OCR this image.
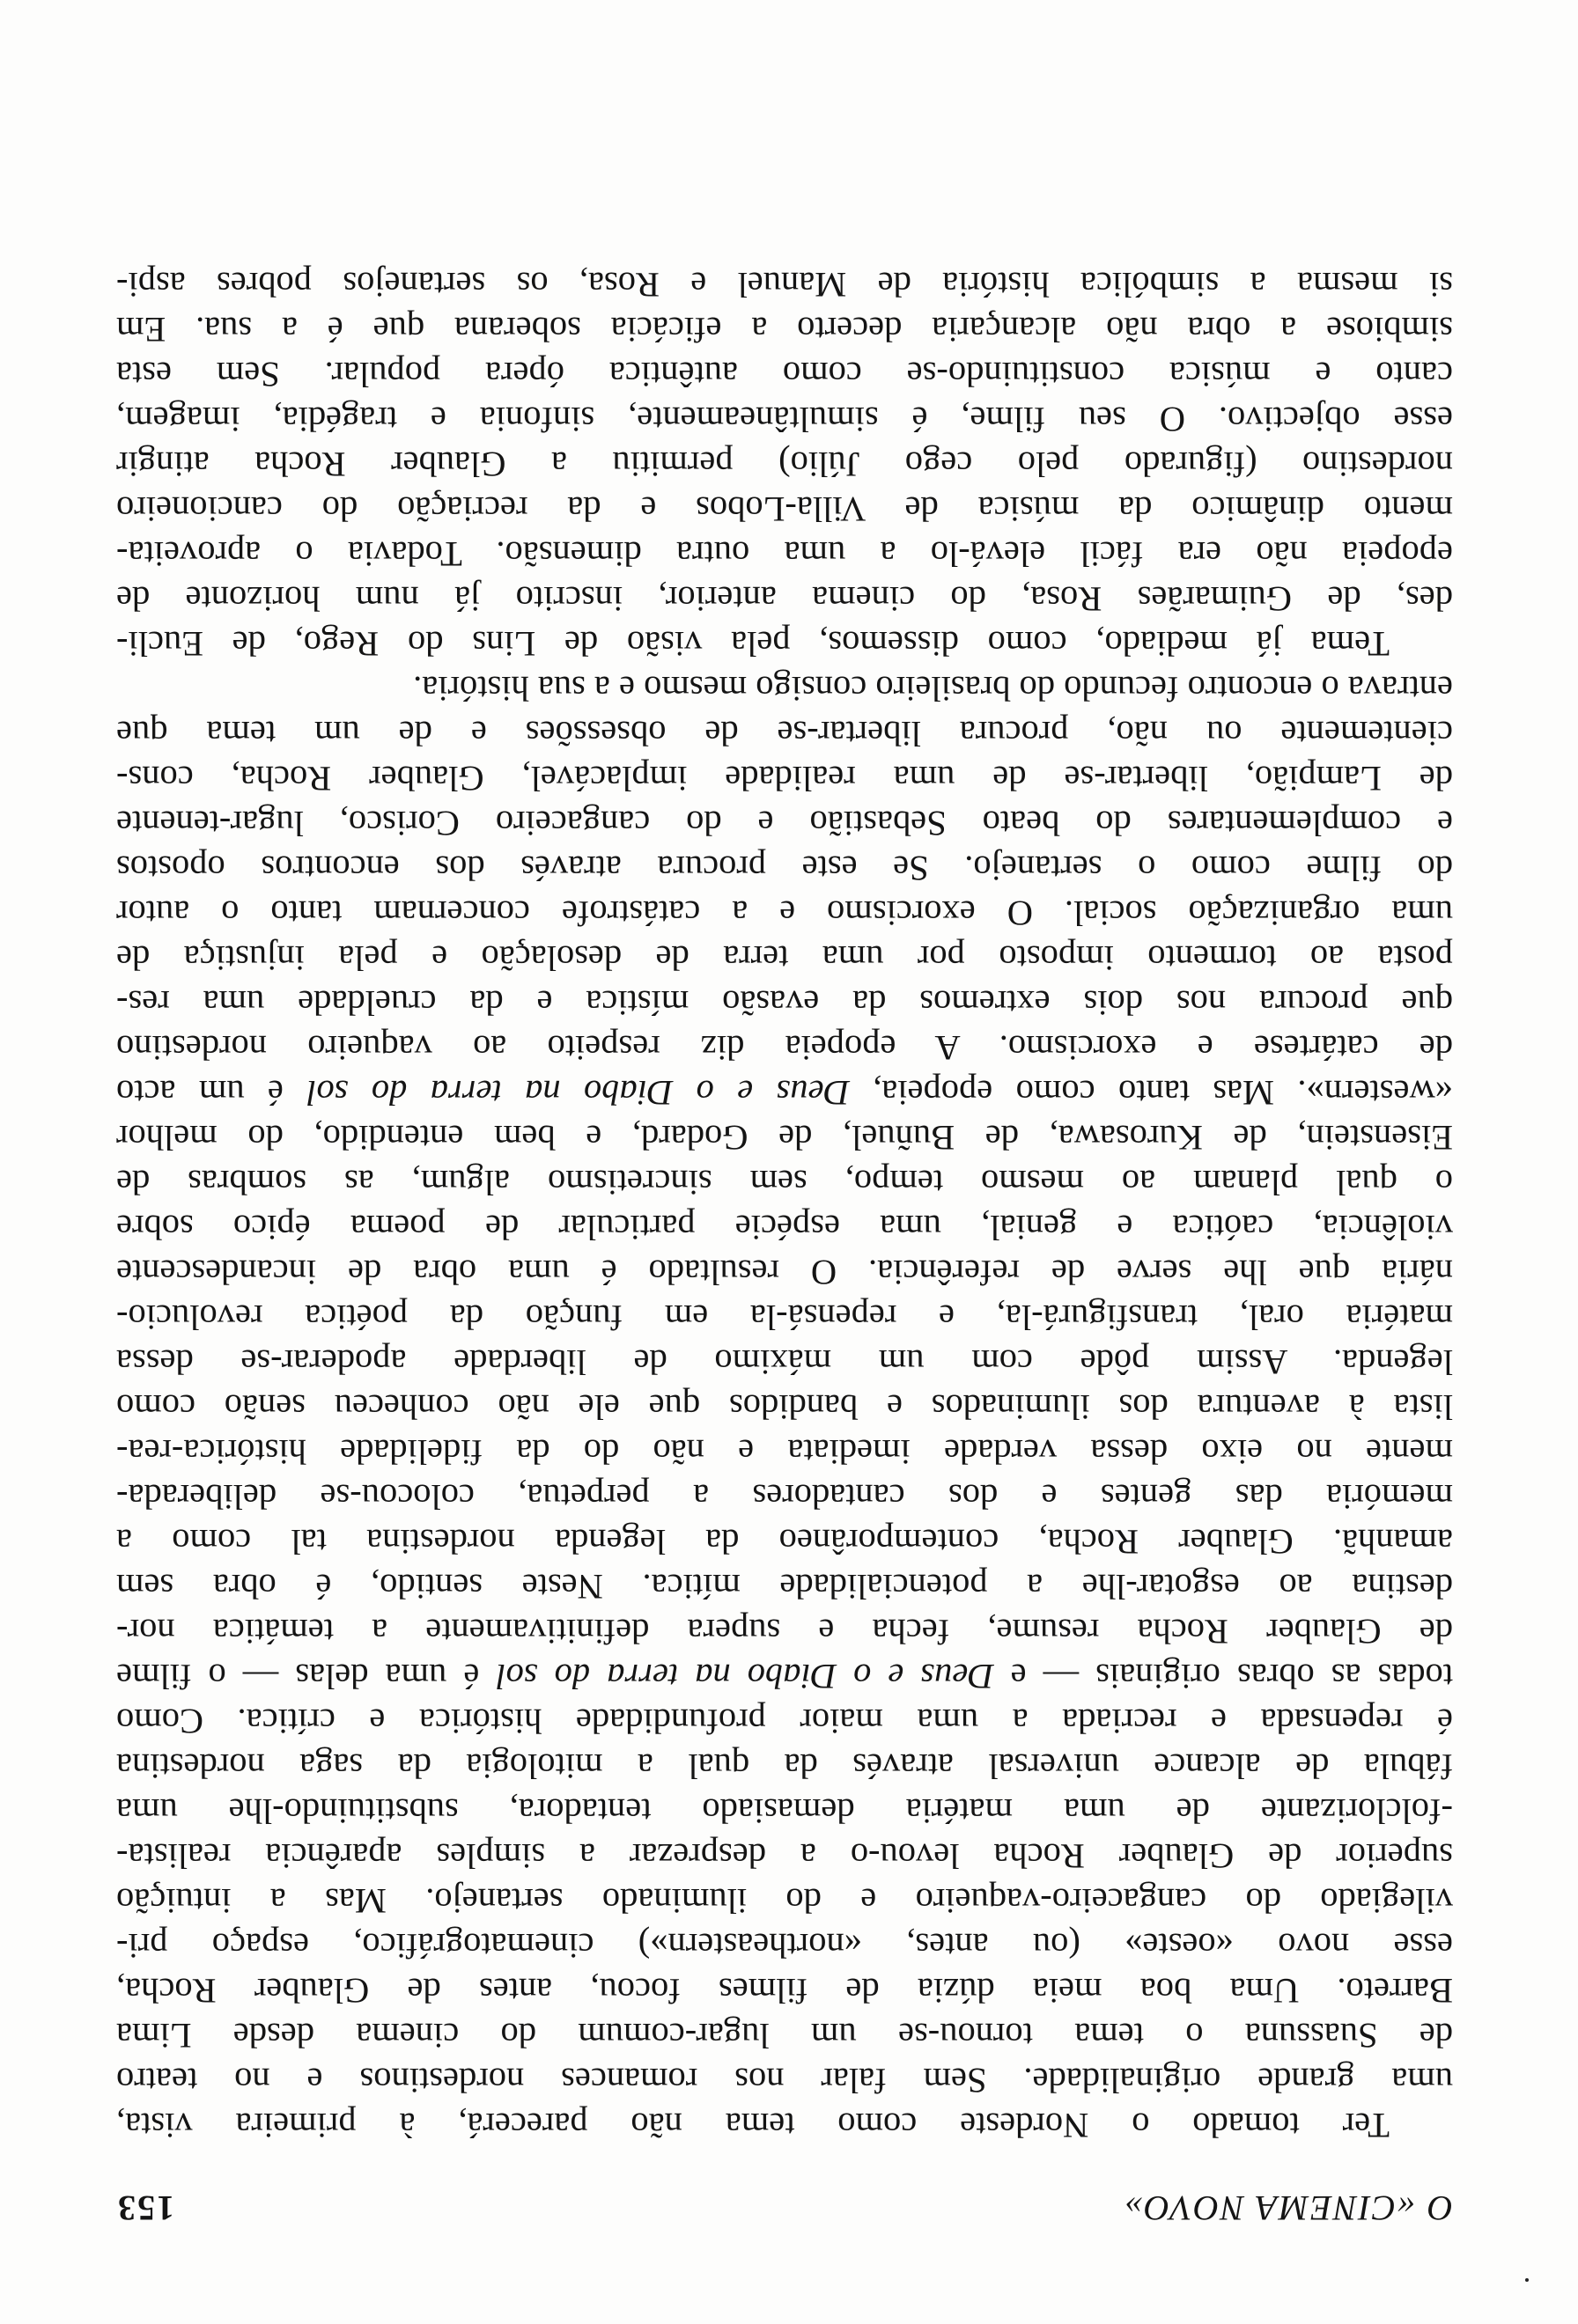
O «CINEMA NOVO»
153
Ter tomado o Nordeste como tema não parecerá, à primeira vista,
uma grande originalidade. Sem falar nos romances nordestinos e no teatro
de Suassuna o tema tornou-se um lugar-comum do cinema desde Lima
Barreto. Uma boa meia dúzia de filmes focou, antes de Glauber Rocha,
esse novo «oeste» (ou antes, «northeastern») cinematográfico, espaço pri-
vilegiado do cangaceiro-vaqueiro e do iluminado sertanejo. Mas a intuição
superior de Glauber Rocha levou-o a desprezar a simples aparência realista-
-folclorizante de uma matéria demasiado tentadora, substituindo-lhe uma
fábula de alcance universal através da qual a mitologia da saga nordestina
é repensada e recriada a uma maior profundidade histórica e crítica. Como
todas as obras originais — e Deus e o Diabo na terra do sol é uma delas — o filme
de Glauber Rocha resume, fecha e supera definitivamente a temática nor-
destina ao esgotar-lhe a potencialidade mítica. Neste sentido, é obra sem
amanhã. Glauber Rocha, contemporâneo da legenda nordestina tal como a
memória das gentes e dos cantadores a perpetua, colocou-se deliberada-
mente no eixo dessa verdade imediata e não do da fidelidade histórica-rea-
lista à aventura dos iluminados e bandidos que ele não conheceu senão como
legenda. Assim pôde com um máximo de liberdade apoderar-se dessa
matéria oral, transfigurá-la, e repensá-la em função da poética revolucio-
nária que lhe serve de referência. O resultado é uma obra de incandescente
violência, caótica e genial, uma espécie particular de poema épico sobre
o qual planam ao mesmo tempo, sem sincretismo algum, as sombras de
Eisenstein, de Kurosawa, de Buñuel, de Godard, e bem entendido, do melhor
«western». Mas tanto como epopeia, Deus e o Diabo na terra do sol é um acto
de catártese e exorcismo. A epopeia diz respeito ao vaqueiro nordestino
que procura nos dois extremos da evasão mística e da crueldade uma res-
posta ao tormento imposto por uma terra de desolação e pela injustiça de
uma organização social. O exorcismo e a catástrofe concernam tanto o autor
do filme como o sertanejo. Se este procura através dos encontros opostos
e complementares do beato Sebastião e do cangaceiro Corisco, lugar-tenente
de Lampião, libertar-se de uma realidade implacável, Glauber Rocha, cons-
cientemente ou não, procura libertar-se de obsessões e de um tema que
entrava o encontro fecundo do brasileiro consigo mesmo e a sua história.
Tema já mediado, como dissemos, pela visão de Lins do Rego, de Eucli-
des, de Guimarães Rosa, do cinema anterior, inscrito já num horizonte de
epopeia não era fácil elevá-lo a uma outra dimensão. Todavia o aproveita-
mento dinâmico da música de Villa-Lobos e da recriação do cancioneiro
nordestino (figurado pelo cego Júlio) permitiu a Glauber Rocha atingir
esse objectivo. O seu filme, é simultâneamente, sinfonia e tragédia, imagem,
canto e música constituindo-se como autêntica ópera popular. Sem esta
simbiose a obra não alcançaria decerto a eficácia soberana que é a sua. Em
si mesma a simbólica história de Manuel e Rosa, os sertanejos pobres aspi-
